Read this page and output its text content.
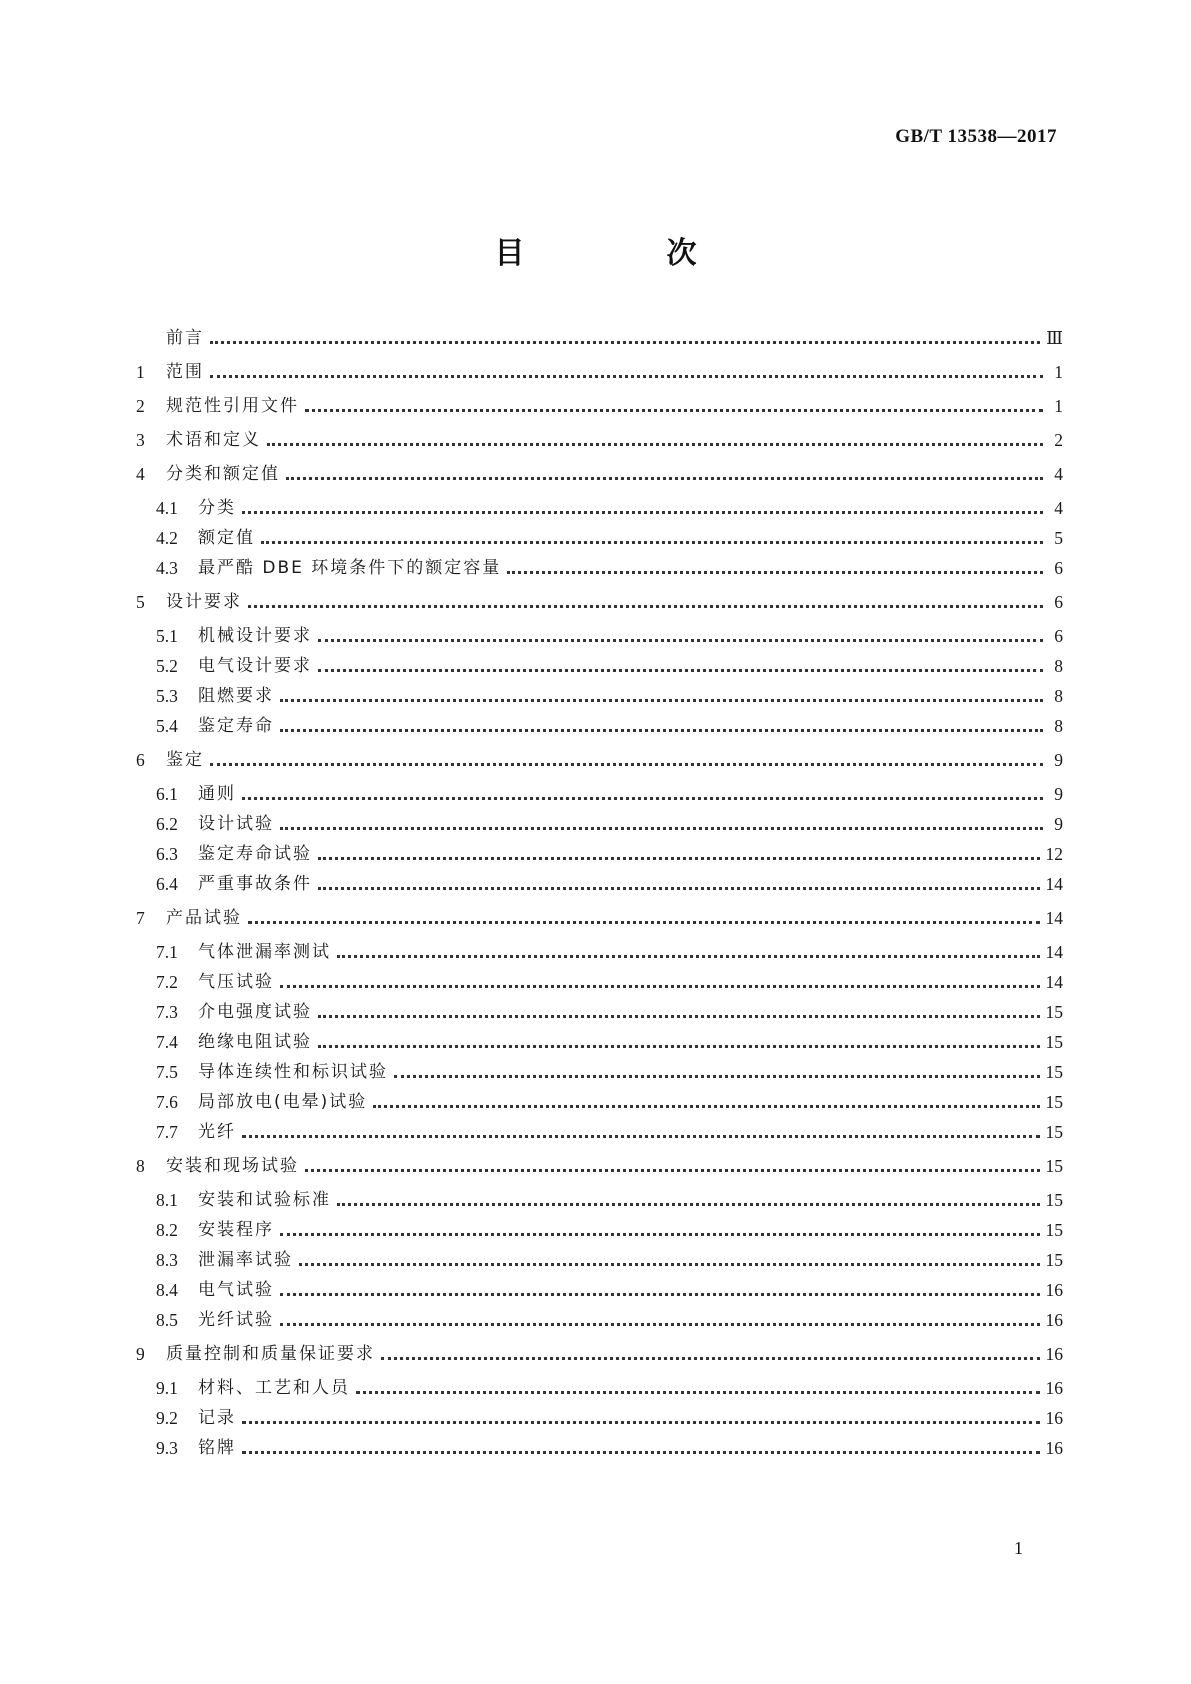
GB/T 13538—2017
目　次
前言	Ⅲ
1	范围	1
2	规范性引用文件	1
3	术语和定义	2
4	分类和额定值	4
4.1	分类	4
4.2	额定值	5
4.3	最严酷 DBE 环境条件下的额定容量	6
5	设计要求	6
5.1	机械设计要求	6
5.2	电气设计要求	8
5.3	阻燃要求	8
5.4	鉴定寿命	8
6	鉴定	9
6.1	通则	9
6.2	设计试验	9
6.3	鉴定寿命试验	12
6.4	严重事故条件	14
7	产品试验	14
7.1	气体泄漏率测试	14
7.2	气压试验	14
7.3	介电强度试验	15
7.4	绝缘电阻试验	15
7.5	导体连续性和标识试验	15
7.6	局部放电(电晕)试验	15
7.7	光纤	15
8	安装和现场试验	15
8.1	安装和试验标准	15
8.2	安装程序	15
8.3	泄漏率试验	15
8.4	电气试验	16
8.5	光纤试验	16
9	质量控制和质量保证要求	16
9.1	材料、工艺和人员	16
9.2	记录	16
9.3	铭牌	16
1
